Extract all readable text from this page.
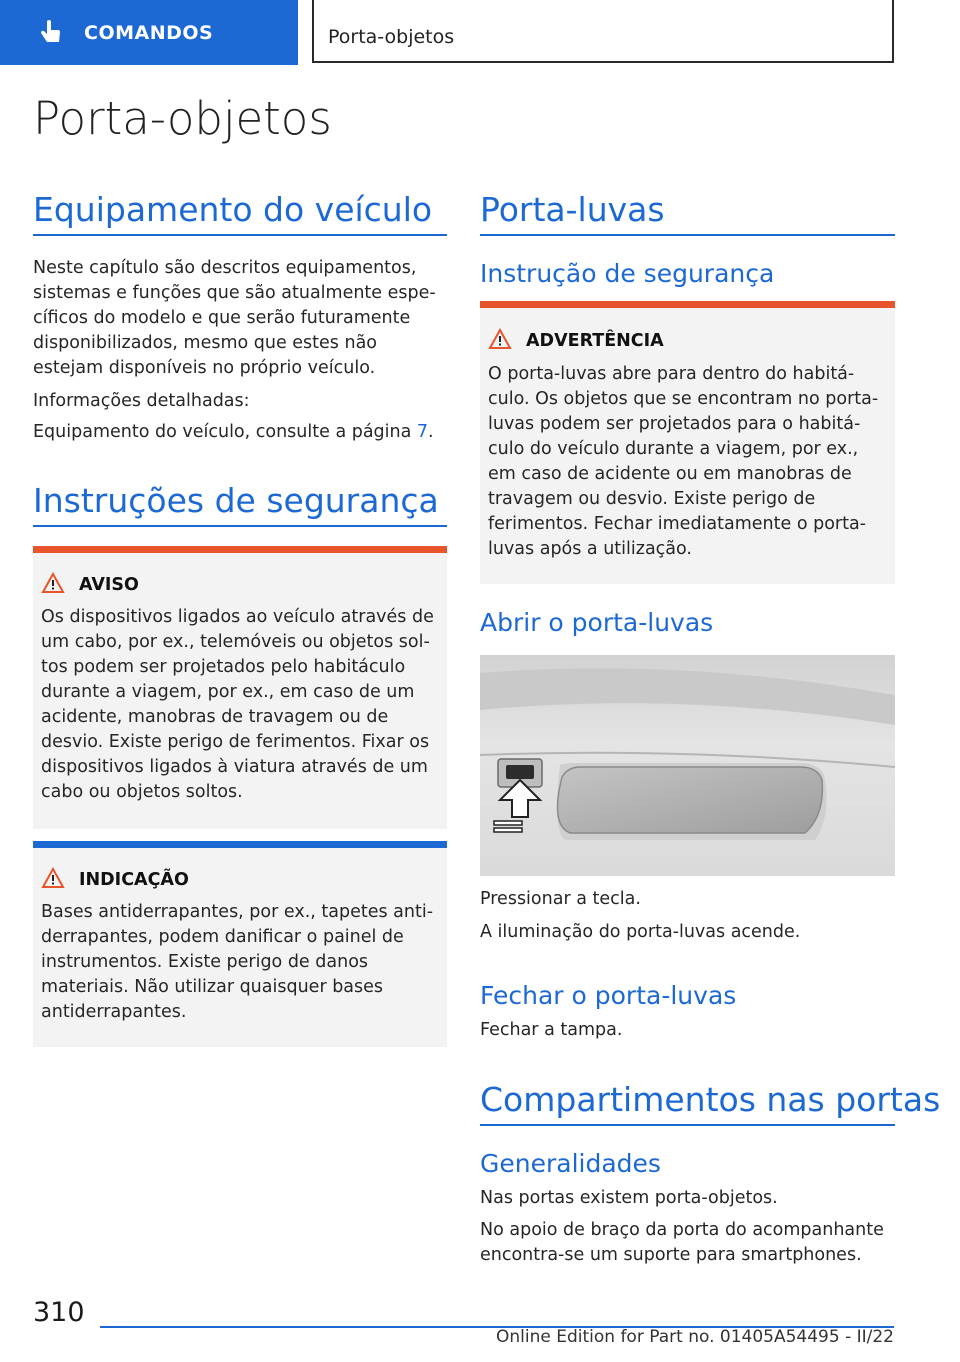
COMANDOS	Porta-objetos
Porta-objetos
Equipamento do veículo
Neste capítulo são descritos equipamentos, sistemas e funções que são atualmente específicos do modelo e que serão futuramente disponibilizados, mesmo que estes não estejam disponíveis no próprio veículo.
Informações detalhadas:
Equipamento do veículo, consulte a página 7.
Instruções de segurança
AVISO
Os dispositivos ligados ao veículo através de um cabo, por ex., telemóveis ou objetos soltos podem ser projetados pelo habitáculo durante a viagem, por ex., em caso de um acidente, manobras de travagem ou de desvio. Existe perigo de ferimentos. Fixar os dispositivos ligados à viatura através de um cabo ou objetos soltos.
INDICAÇÃO
Bases antiderrapantes, por ex., tapetes antiderrapantes, podem danificar o painel de instrumentos. Existe perigo de danos materiais. Não utilizar quaisquer bases antiderrapantes.
Porta-luvas
Instrução de segurança
ADVERTÊNCIA
O porta-luvas abre para dentro do habitáculo. Os objetos que se encontram no porta-luvas podem ser projetados para o habitáculo do veículo durante a viagem, por ex., em caso de acidente ou em manobras de travagem ou desvio. Existe perigo de ferimentos. Fechar imediatamente o porta-luvas após a utilização.
Abrir o porta-luvas
Pressionar a tecla.
A iluminação do porta-luvas acende.
Fechar o porta-luvas
Fechar a tampa.
Compartimentos nas portas
Generalidades
Nas portas existem porta-objetos.
No apoio de braço da porta do acompanhante encontra-se um suporte para smartphones.
310
Online Edition for Part no. 01405A54495 - II/22
